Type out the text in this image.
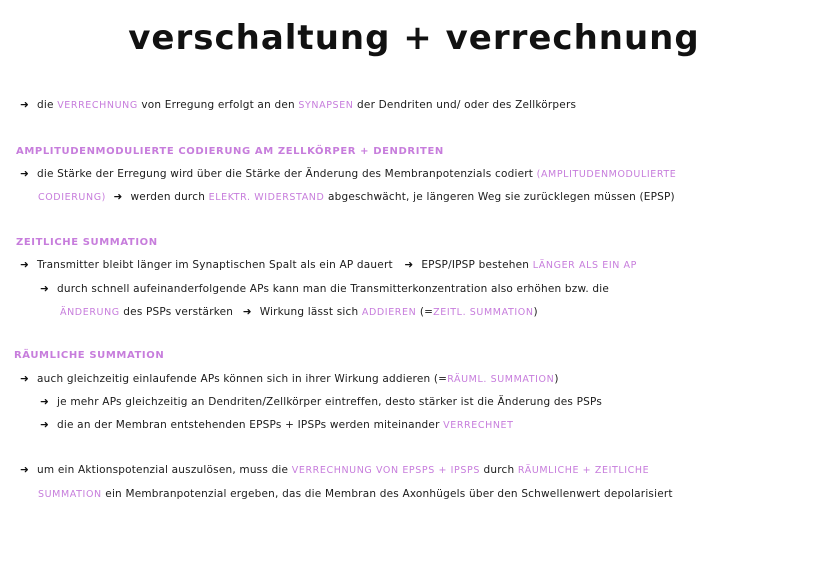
verschaltung + verrechnung
➜ die VERRECHNUNG von Erregung erfolgt an den SYNAPSEN der Dendriten und/ oder des Zellkörpers
AMPLITUDENMODULIERTE CODIERUNG AM ZELLKÖRPER + DENDRITEN
➜ die Stärke der Erregung wird über die Stärke der Änderung des Membranpotenzials codiert (AMPLITUDENMODULIERTE
CODIERUNG) ➜ werden durch ELEKTR. WIDERSTAND abgeschwächt, je längeren Weg sie zurücklegen müssen (EPSP)
ZEITLICHE SUMMATION
➜ Transmitter bleibt länger im Synaptischen Spalt als ein AP dauert ➜ EPSP/IPSP bestehen LÄNGER ALS EIN AP
➜ durch schnell aufeinanderfolgende APs kann man die Transmitterkonzentration also erhöhen bzw. die
ÄNDERUNG des PSPs verstärken ➜ Wirkung lässt sich ADDIEREN (=ZEITL. SUMMATION)
RÄUMLICHE SUMMATION
➜ auch gleichzeitig einlaufende APs können sich in ihrer Wirkung addieren (=RÄUML. SUMMATION)
➜ je mehr APs gleichzeitig an Dendriten/Zellkörper eintreffen, desto stärker ist die Änderung des PSPs
➜ die an der Membran entstehenden EPSPs + IPSPs werden miteinander VERRECHNET
➜ um ein Aktionspotenzial auszulösen, muss die VERRECHNUNG VON EPSPS + IPSPS durch RÄUMLICHE + ZEITLICHE
SUMMATION ein Membranpotenzial ergeben, das die Membran des Axonhügels über den Schwellenwert depolarisiert
